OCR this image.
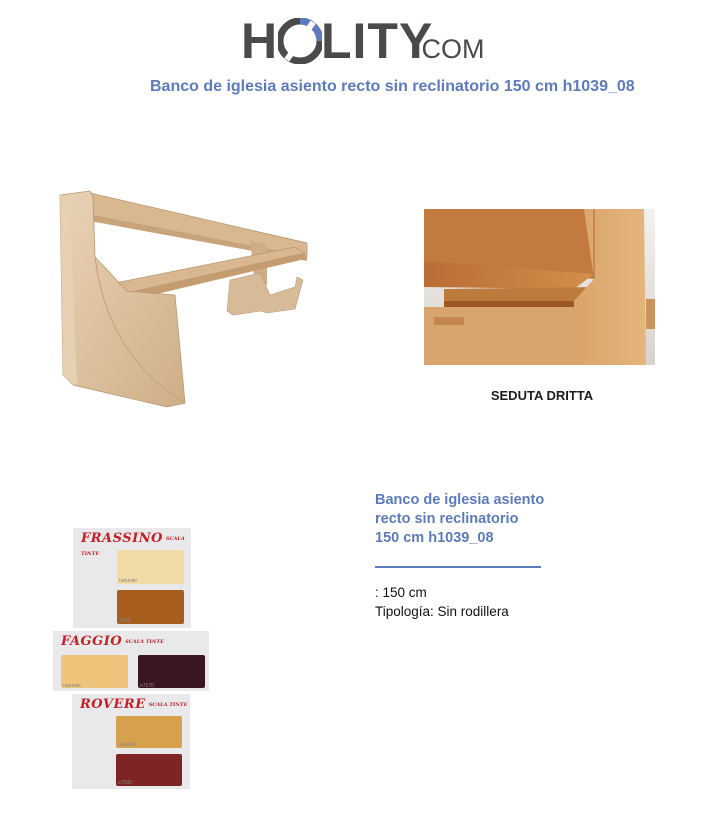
H LITY
.COM
Banco de iglesia asiento recto sin reclinatorio 150 cm h1039_08
SEDUTA DRITTA
FRASSINO SCALA TINTE
naturale
3002
FAGGIO SCALA TINTE
naturale	e7570
ROVERE SCALA TINTE
naturale
e7532
Banco de iglesia asiento recto sin reclinatorio 150 cm h1039_08
: 150 cm
Tipología: Sin rodillera
